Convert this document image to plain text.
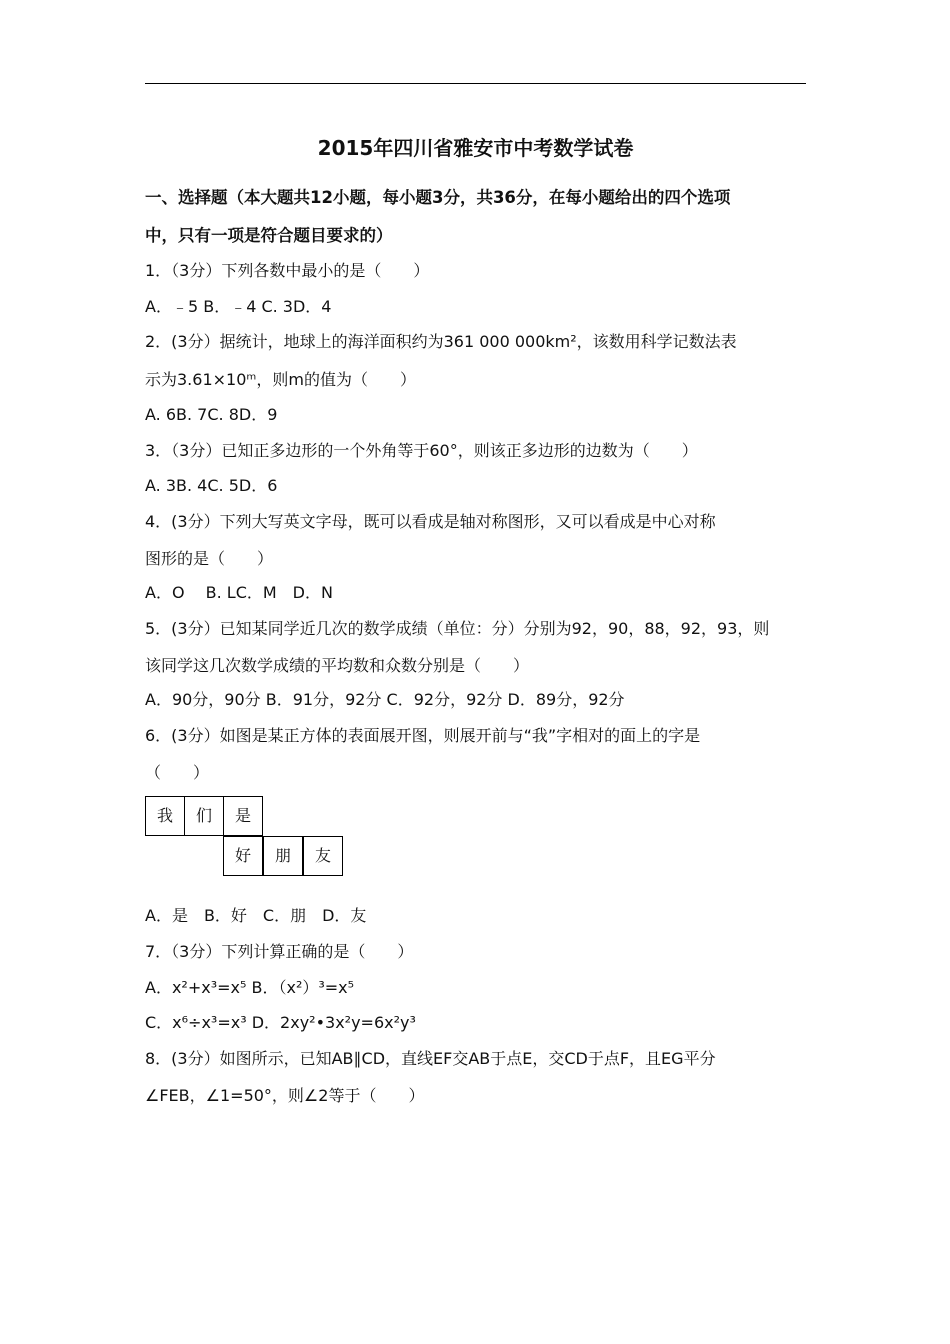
2015年四川省雅安市中考数学试卷
一、选择题（本大题共12小题，每小题3分，共36分，在每小题给出的四个选项
中，只有一项是符合题目要求的）
1．（3分）下列各数中最小的是（　　）
A．﹣5 B．﹣4 C. 3D．4
2．(3分）据统计，地球上的海洋面积约为361 000 000km²，该数用科学记数法表
示为3.61×10ᵐ，则m的值为（　　）
A. 6B. 7C. 8D．9
3．（3分）已知正多边形的一个外角等于60°，则该正多边形的边数为（　　）
A. 3B. 4C. 5D．6
4．(3分）下列大写英文字母，既可以看成是轴对称图形，又可以看成是中心对称
图形的是（　　）
A．O　 B. LC．M　D．N
5．(3分）已知某同学近几次的数学成绩（单位：分）分别为92，90，88，92，93，则
该同学这几次数学成绩的平均数和众数分别是（　　）
A．90分，90分 B．91分，92分 C．92分，92分 D．89分，92分
6．(3分）如图是某正方体的表面展开图，则展开前与“我”字相对的面上的字是
（　　）
我	们	是
好	朋	友
A．是　B．好　C．朋　D．友
7．（3分）下列计算正确的是（　　）
A．x²+x³=x⁵ B．（x²）³=x⁵
C．x⁶÷x³=x³ D．2xy²•3x²y=6x²y³
8．(3分）如图所示，已知AB∥CD，直线EF交AB于点E，交CD于点F，且EG平分
∠FEB，∠1=50°，则∠2等于（　　）
